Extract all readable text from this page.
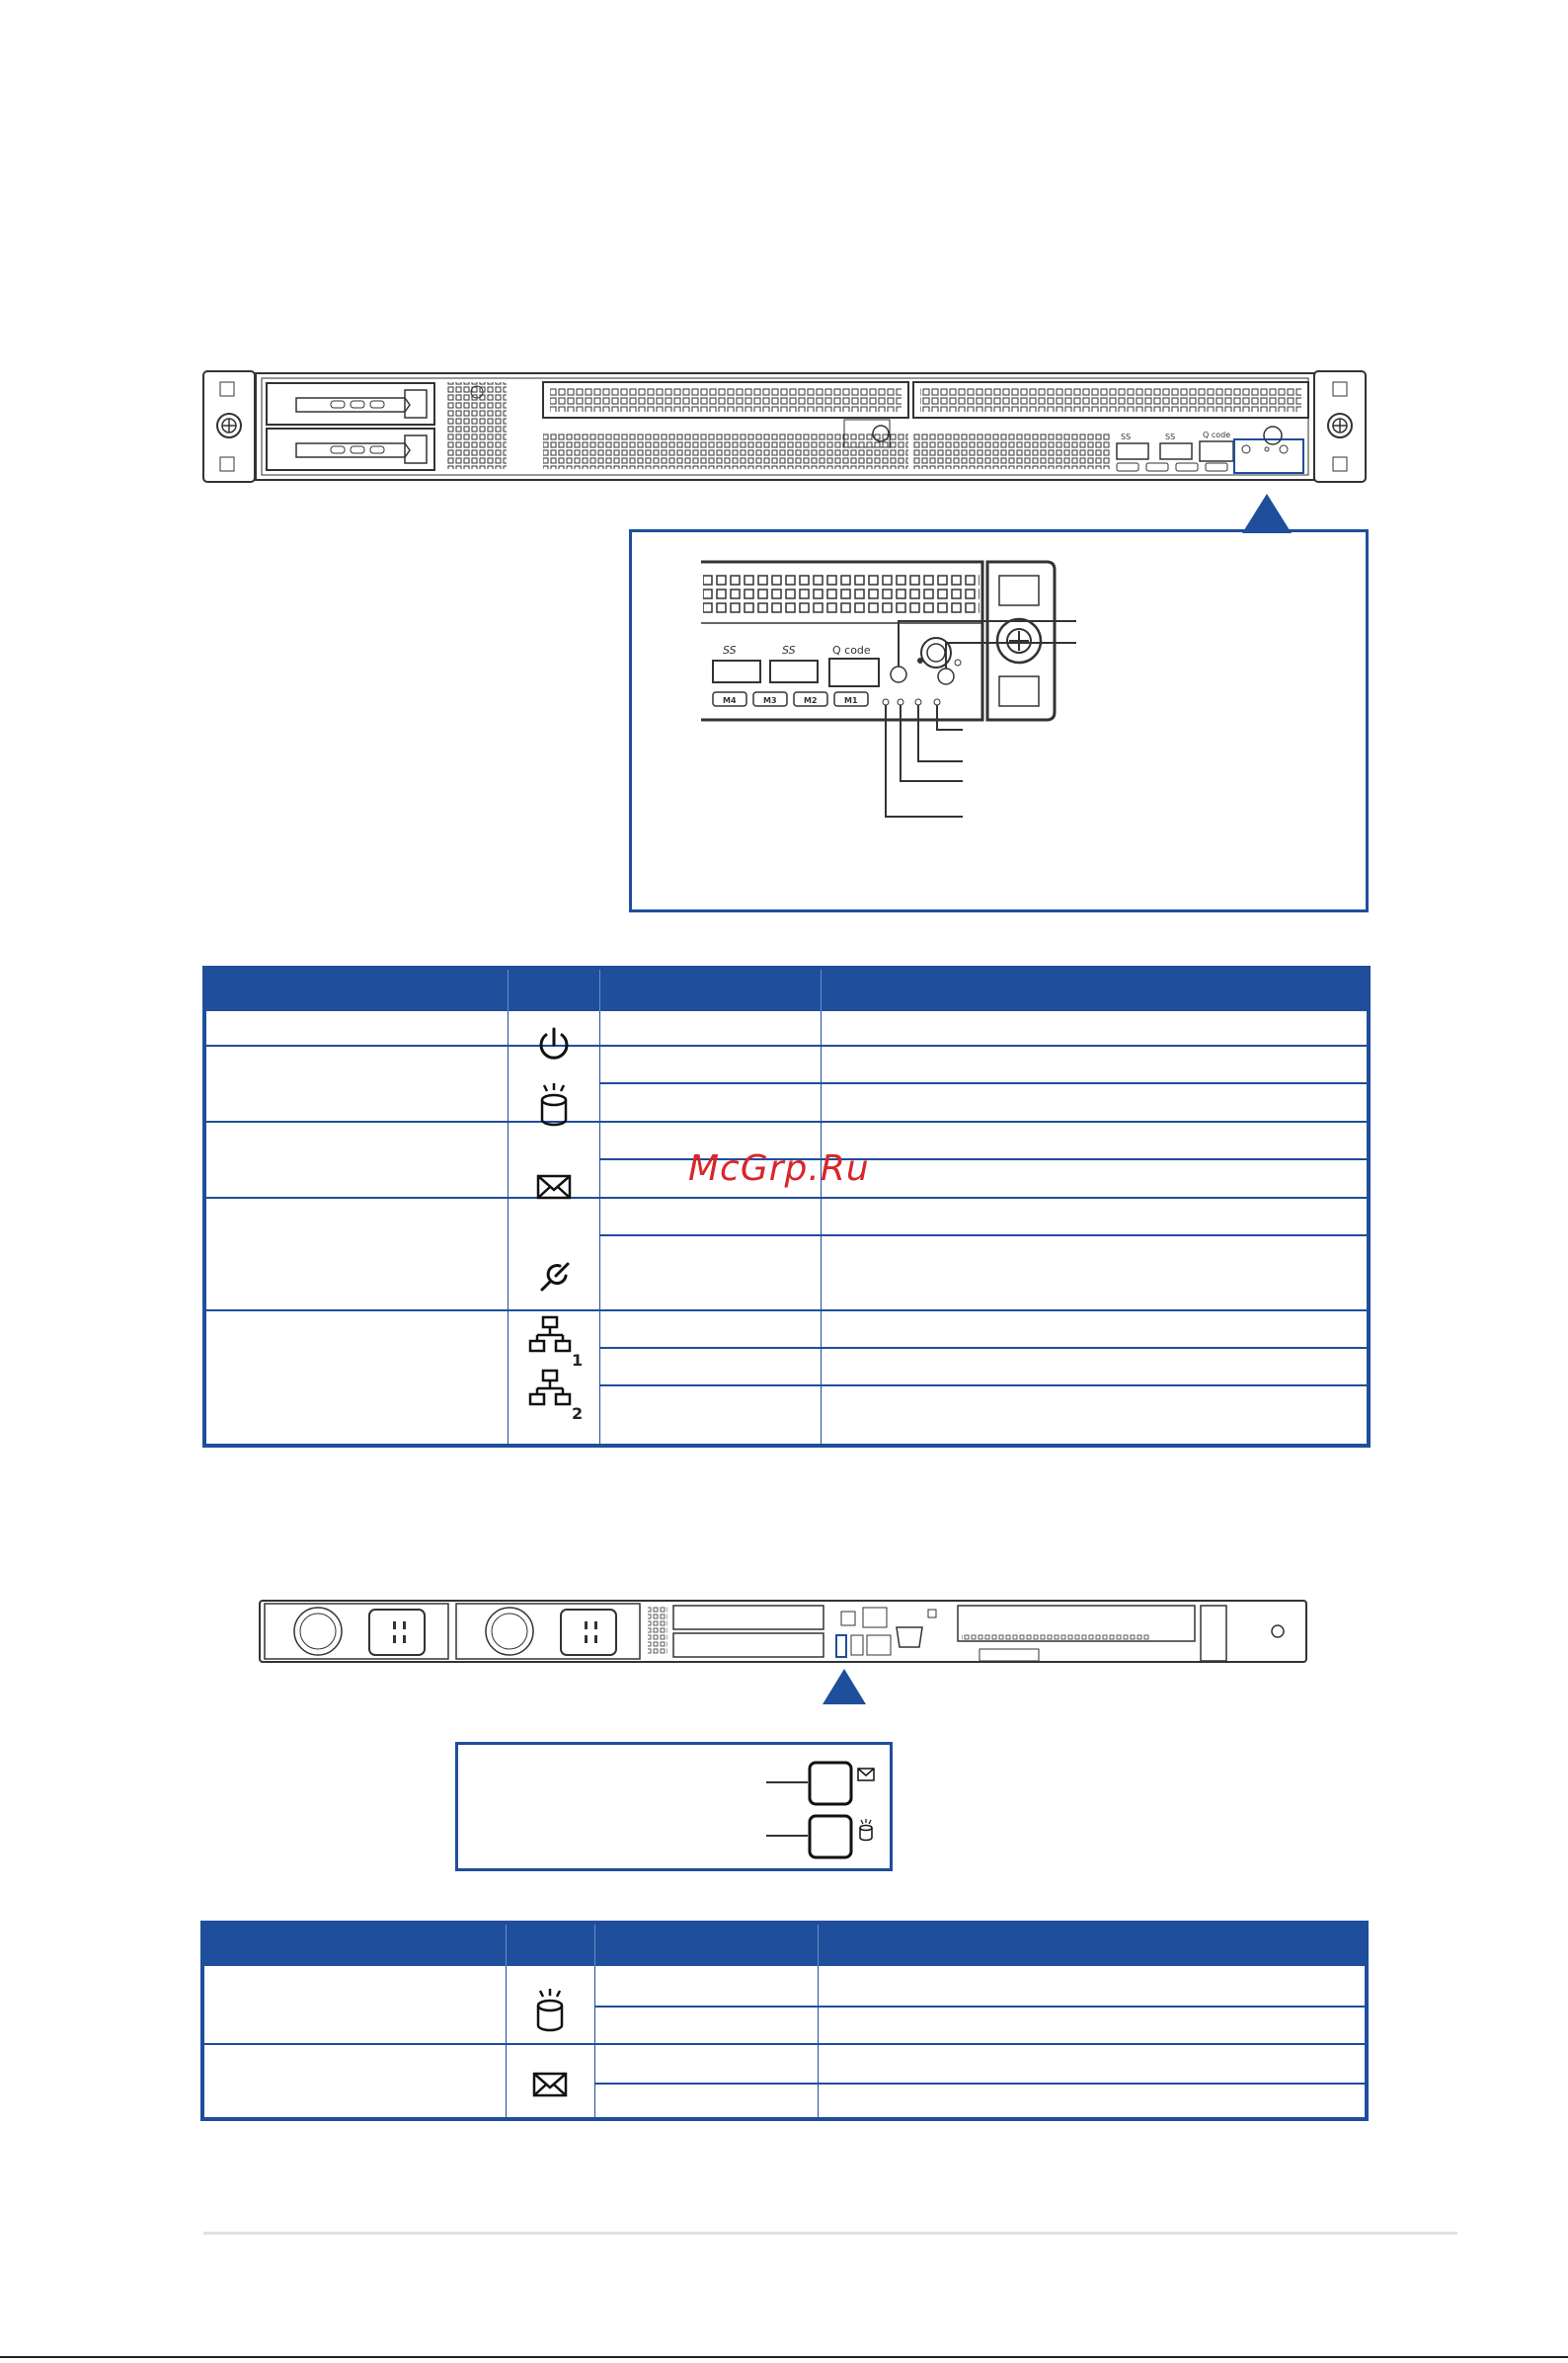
SS	SS	Q code
SS	SS	Q code
M4	M3	M2	M1
1
2
McGrp.Ru
